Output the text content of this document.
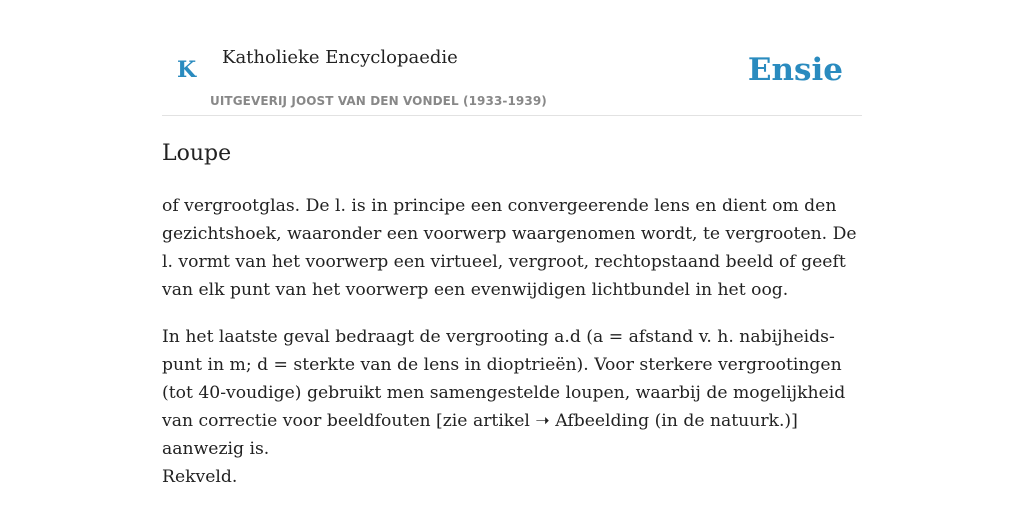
K Katholieke Encyclopaedie	Ensie
UITGEVERIJ JOOST VAN DEN VONDEL (1933-1939)
Loupe

of vergrootglas. De l. is in principe een convergeerende lens en dient om den gezichtshoek, waaronder een voorwerp waargenomen wordt, te vergrooten. De l. vormt van het voorwerp een virtueel, vergroot, rechtopstaand beeld of geeft van elk punt van het voorwerp een evenwijdigen lichtbundel in het oog.

In het laatste geval bedraagt de vergrooting a.d (a = afstand v. h. nabijheids-punt in m; d = sterkte van de lens in dioptrieën). Voor sterkere vergrootingen (tot 40-voudige) gebruikt men samengestelde loupen, waarbij de mogelijkheid van correctie voor beeldfouten [zie artikel ➝ Afbeelding (in de natuurk.)] aanwezig is.
Rekveld.
